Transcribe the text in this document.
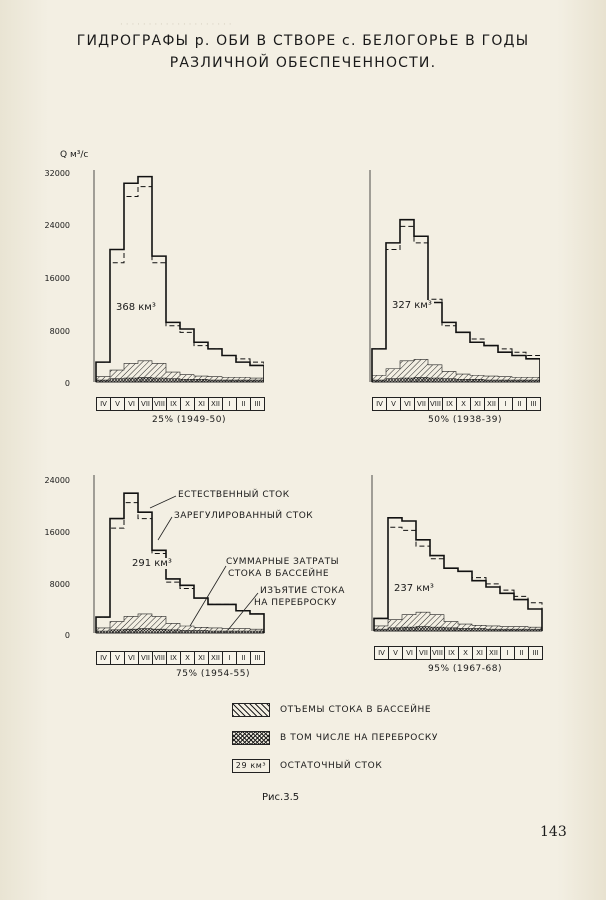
· · · · · · · · · · · · · · · · · · · ·
ГИДРОГРАФЫ р. ОБИ В СТВОРЕ с. БЕЛОГОРЬЕ В ГОДЫ
РАЗЛИЧНОЙ ОБЕСПЕЧЕННОСТИ.
Q м³/с
32000
24000
16000
8000
0
368 км³
IV	V	VI VII VIII IX	X	XI XII	I	II	III
25% (1949-50)
327 км³
IV	V	VI VII VIII IX	X	XI XII	I	II	III
50% (1938-39)
24000
16000
8000
0
291 км³
IV	V	VI VII VIII IX	X	XI XII	I	II	III
75% (1954-55)
ЕСТЕСТВЕННЫЙ СТОК
ЗАРЕГУЛИРОВАННЫЙ СТОК
СУММАРНЫЕ ЗАТРАТЫ
СТОКА В БАССЕЙНЕ
ИЗЪЯТИЕ СТОКА
НА ПЕРЕБРОСКУ
237 км³
IV	V	VI VII VIII IX	X	XI XII	I	II	III
95% (1967-68)
ОТЪЕМЫ СТОКА В БАССЕЙНЕ
В ТОМ ЧИСЛЕ НА ПЕРЕБРОСКУ
29 км³	ОСТАТОЧНЫЙ СТОК
Рис.3.5
143
